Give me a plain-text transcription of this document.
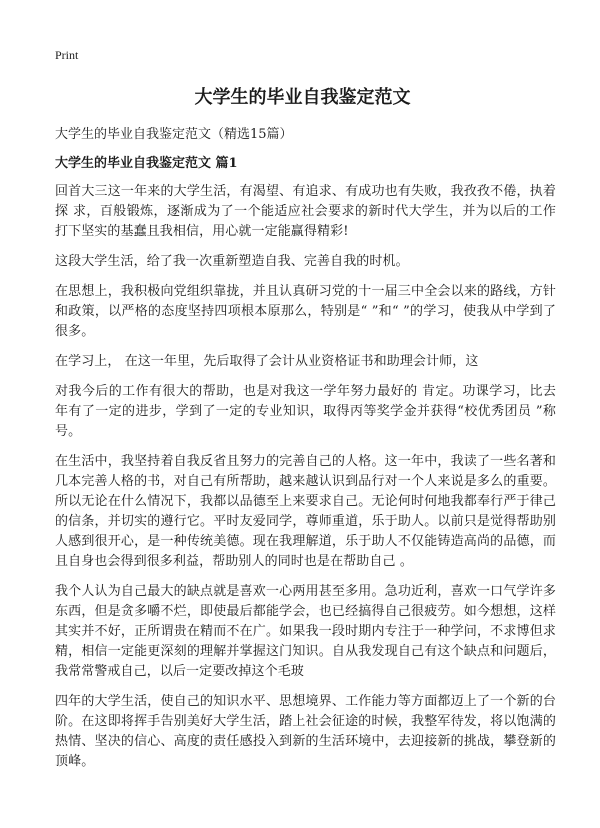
Print
大学生的毕业自我鉴定范文
大学生的毕业自我鉴定范文（精选15篇）
大学生的毕业自我鉴定范文 篇1

回首大三这一年来的大学生活，有渴望、有追求、有成功也有失败，我孜孜不倦，执着探 求，百般锻炼，逐渐成为了一个能适应社会要求的新时代大学生，并为以后的工作打下坚实的基蠢且我相信，用心就一定能赢得精彩!

这段大学生活，给了我一次重新塑造自我、完善自我的时机。

在思想上，我积极向党组织靠拢，并且认真研习党的十一届三中全会以来的路线，方针和政策，以严格的态度坚持四项根本原那么，特别是“ ”和“ ”的学习，使我从中学到了很多。

在学习上， 在这一年里，先后取得了会计从业资格证书和助理会计师，这

对我今后的工作有很大的帮助，也是对我这一学年努力最好的 肯定。功课学习，比去年有了一定的进步，学到了一定的专业知识，取得丙等奖学金并获得“校优秀团员 ”称号。

在生活中，我坚持着自我反省且努力的完善自己的人格。这一年中，我读了一些名著和几本完善人格的书，对自己有所帮助，越来越认识到品行对一个人来说是多么的重要。所以无论在什么情况下，我都以品德至上来要求自己。无论何时何地我都奉行严于律己的信条，并切实的遵行它。平时友爱同学，尊师重道，乐于助人。以前只是觉得帮助别人感到很开心，是一种传统美德。现在我理解道，乐于助人不仅能铸造高尚的品德，而且自身也会得到很多利益，帮助别人的同时也是在帮助自己 。

我个人认为自己最大的缺点就是喜欢一心两用甚至多用。急功近利，喜欢一口气学许多东西，但是贪多嚼不烂，即使最后都能学会，也已经搞得自己很疲劳。如今想想，这样其实并不好，正所谓贵在精而不在广。如果我一段时期内专注于一种学问，不求博但求精，相信一定能更深刻的理解并掌握这门知识。自从我发现自己有这个缺点和问题后，我常常警戒自己，以后一定要改掉这个毛玻

四年的大学生活，使自己的知识水平、思想境界、工作能力等方面都迈上了一个新的台阶。在这即将挥手告别美好大学生活，踏上社会征途的时候，我整军待发，将以饱满的热情、坚决的信心、高度的责任感投入到新的生活环境中，去迎接新的挑战，攀登新的顶峰。
